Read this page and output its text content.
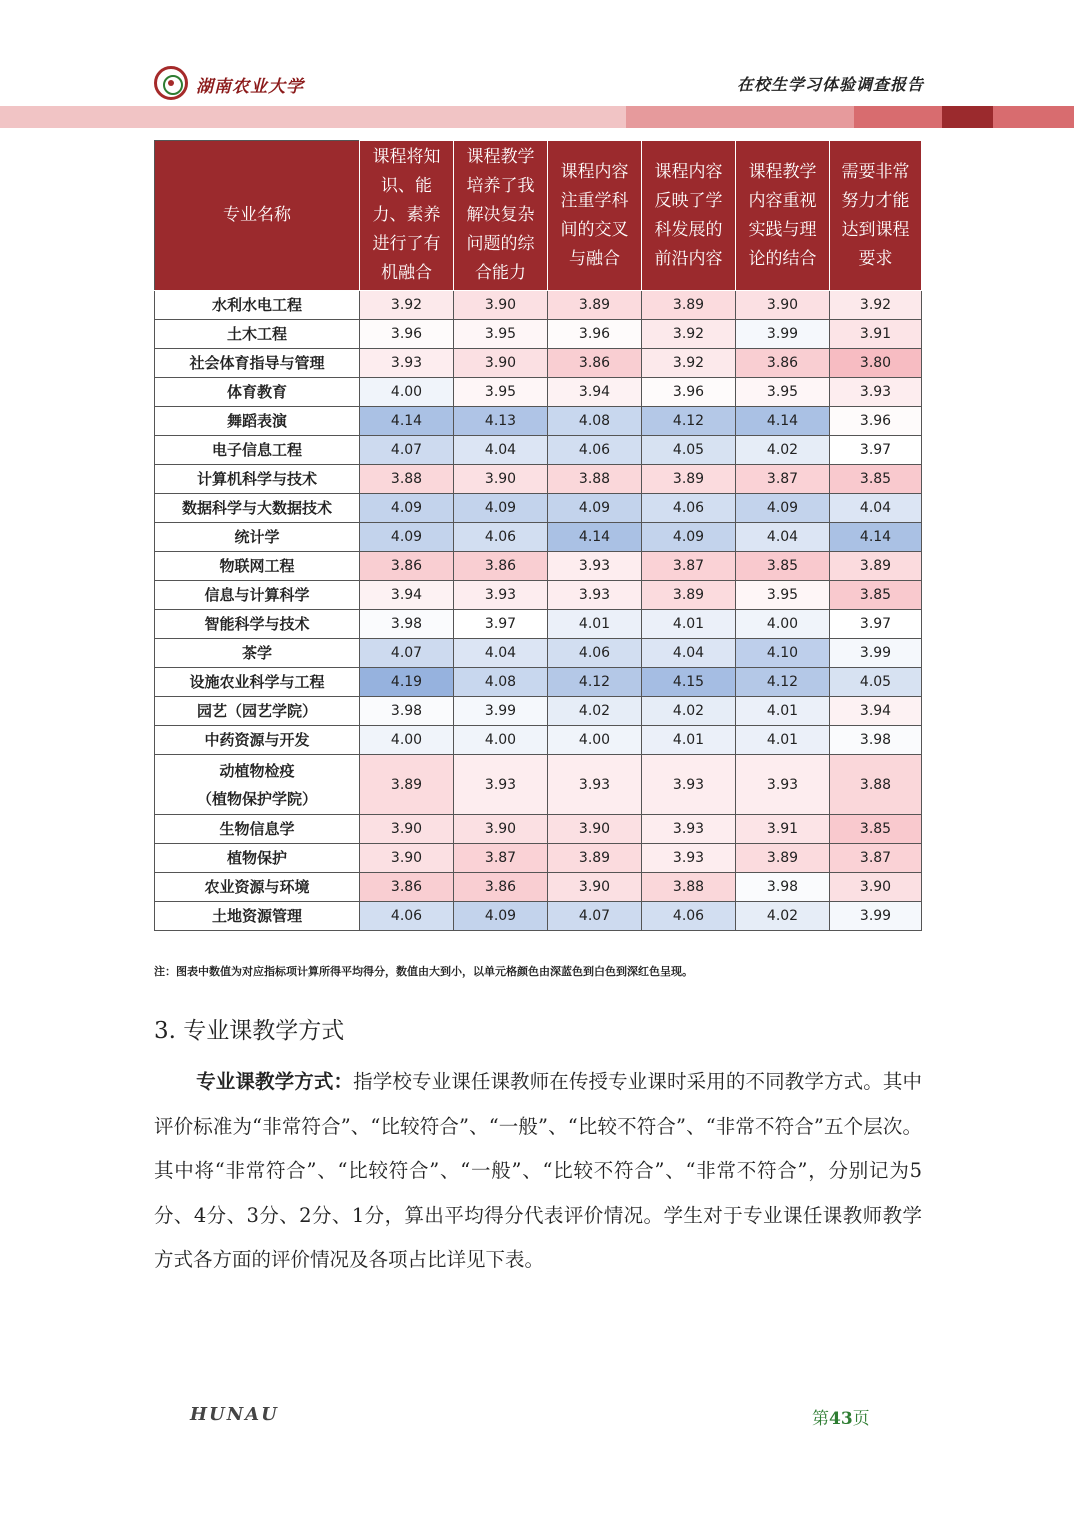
湖南农业大学	在校生学习体验调查报告
专业名称	课程将知识、能力、素养进行了有机融合	课程教学培养了我解决复杂问题的综合能力	课程内容注重学科间的交叉与融合	课程内容反映了学科发展的前沿内容	课程教学内容重视实践与理论的结合	需要非常努力才能达到课程要求
水利水电工程	3.92	3.90	3.89	3.89	3.90	3.92
土木工程	3.96	3.95	3.96	3.92	3.99	3.91
社会体育指导与管理	3.93	3.90	3.86	3.92	3.86	3.80
体育教育	4.00	3.95	3.94	3.96	3.95	3.93
舞蹈表演	4.14	4.13	4.08	4.12	4.14	3.96
电子信息工程	4.07	4.04	4.06	4.05	4.02	3.97
计算机科学与技术	3.88	3.90	3.88	3.89	3.87	3.85
数据科学与大数据技术	4.09	4.09	4.09	4.06	4.09	4.04
统计学	4.09	4.06	4.14	4.09	4.04	4.14
物联网工程	3.86	3.86	3.93	3.87	3.85	3.89
信息与计算科学	3.94	3.93	3.93	3.89	3.95	3.85
智能科学与技术	3.98	3.97	4.01	4.01	4.00	3.97
茶学	4.07	4.04	4.06	4.04	4.10	3.99
设施农业科学与工程	4.19	4.08	4.12	4.15	4.12	4.05
园艺（园艺学院）	3.98	3.99	4.02	4.02	4.01	3.94
中药资源与开发	4.00	4.00	4.00	4.01	4.01	3.98
动植物检疫
（植物保护学院）	3.89	3.93	3.93	3.93	3.93	3.88
生物信息学	3.90	3.90	3.90	3.93	3.91	3.85
植物保护	3.90	3.87	3.89	3.93	3.89	3.87
农业资源与环境	3.86	3.86	3.90	3.88	3.98	3.90
土地资源管理	4.06	4.09	4.07	4.06	4.02	3.99
注：图表中数值为对应指标项计算所得平均得分，数值由大到小，以单元格颜色由深蓝色到白色到深红色呈现。
3. 专业课教学方式
专业课教学方式：指学校专业课任课教师在传授专业课时采用的不同教学方式。其中评价标准为“非常符合”、“比较符合”、“一般”、“比较不符合”、“非常不符合”五个层次。其中将“非常符合”、“比较符合”、“一般”、“比较不符合”、“非常不符合”，分别记为5分、4分、3分、2分、1分，算出平均得分代表评价情况。学生对于专业课任课教师教学方式各方面的评价情况及各项占比详见下表。
HUNAU	第43页
